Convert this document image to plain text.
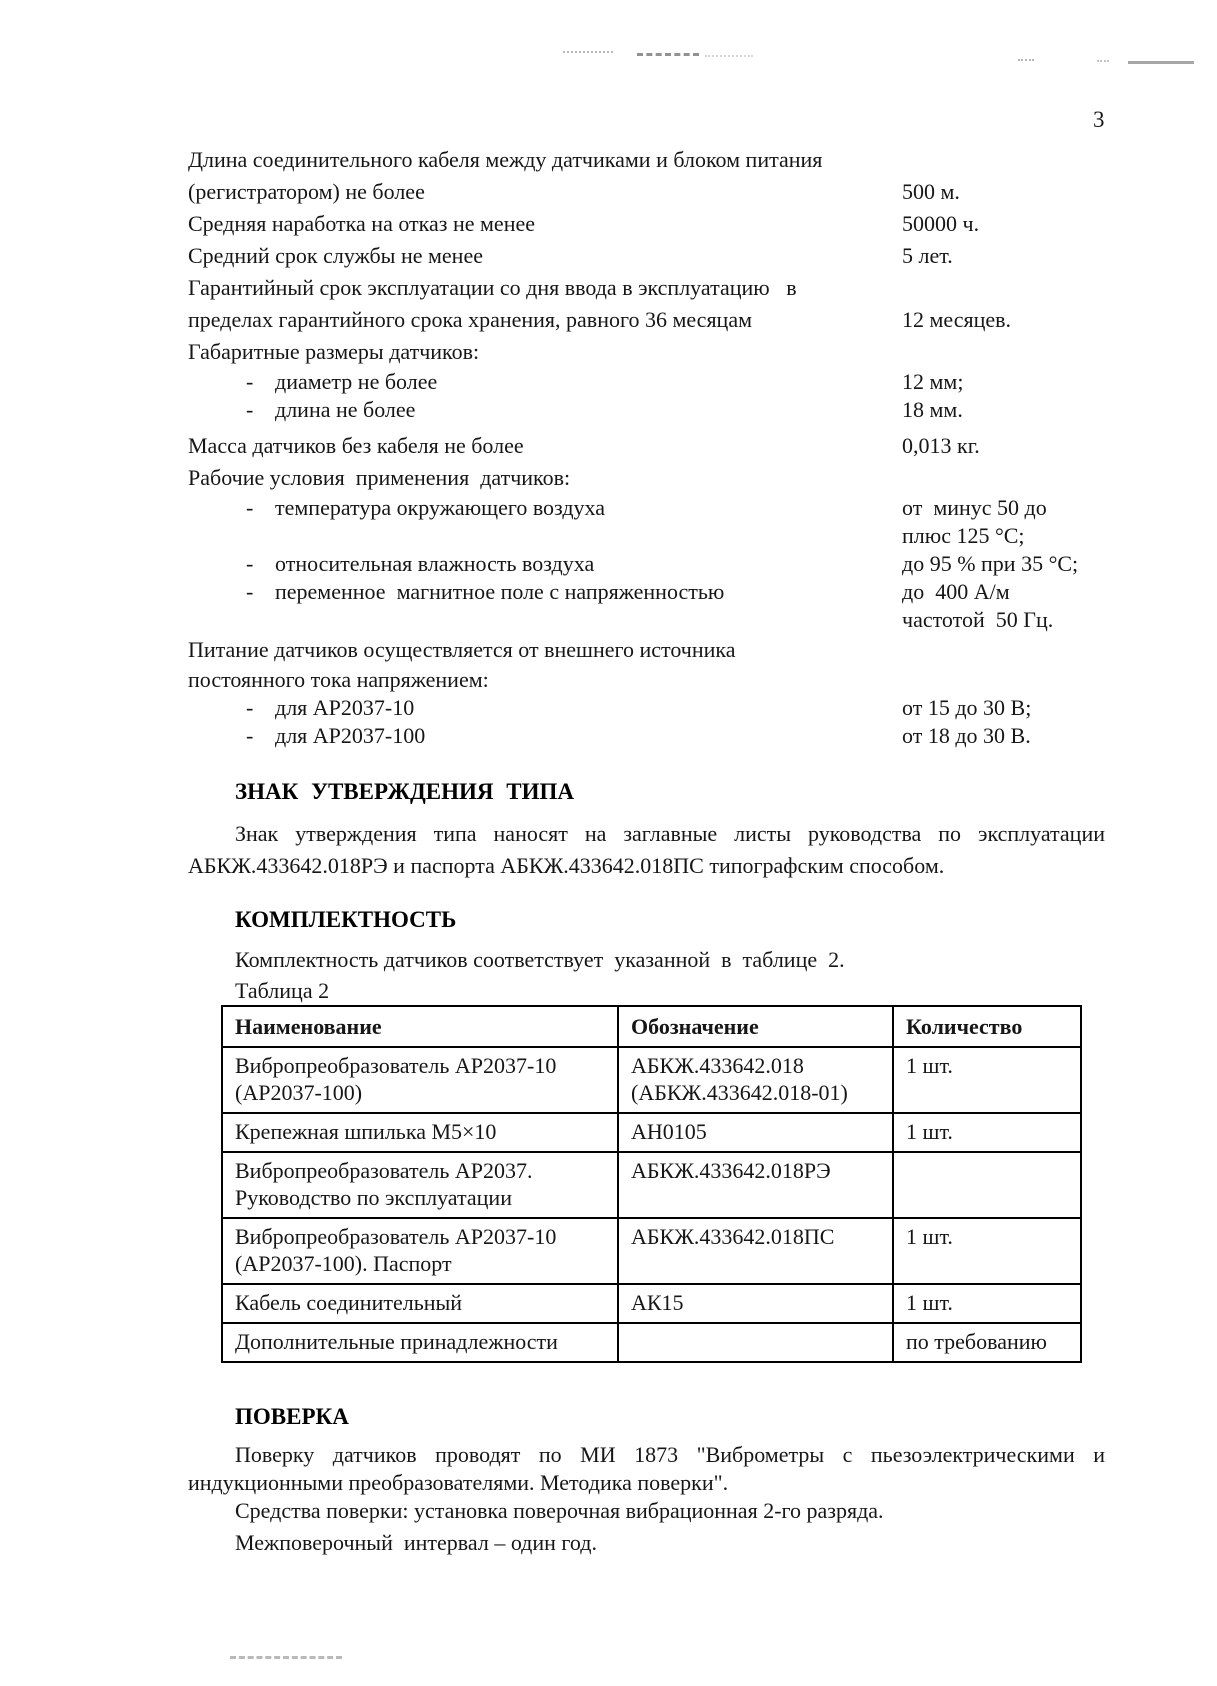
3
Длина соединительного кабеля между датчиками и блоком питания
(регистратором) не более	500 м.
Средняя наработка на отказ не менее	50000 ч.
Средний срок службы не менее	5 лет.
Гарантийный срок эксплуатации со дня ввода в эксплуатацию   в
пределах гарантийного срока хранения, равного 36 месяцам	12 месяцев.
Габаритные размеры датчиков:
- диаметр не более	12 мм;
- длина не более	18 мм.
Масса датчиков без кабеля не более	0,013 кг.
Рабочие условия  применения  датчиков:
- температура окружающего воздуха	от  минус 50 до
плюс 125 °С;
- относительная влажность воздуха	до 95 % при 35 °С;
- переменное  магнитное поле с напряженностью	до  400 А/м
частотой  50 Гц.
Питание датчиков осуществляется от внешнего источника
постоянного тока напряжением:
- для АР2037-10	от 15 до 30 В;
- для АР2037-100	от 18 до 30 В.
ЗНАК УТВЕРЖДЕНИЯ ТИПА
Знак утверждения типа наносят на заглавные листы руководства по эксплуатации АБКЖ.433642.018РЭ и паспорта АБКЖ.433642.018ПС типографским способом.
КОМПЛЕКТНОСТЬ
Комплектность датчиков соответствует  указанной  в  таблице  2.
Таблица 2
Наименование	Обозначение	Количество
Вибропреобразователь АР2037-10 (АР2037-100)	АБКЖ.433642.018 (АБКЖ.433642.018-01)	1 шт.
Крепежная шпилька М5×10	АН0105	1 шт.
Вибропреобразователь АР2037. Руководство по эксплуатации	АБКЖ.433642.018РЭ	
Вибропреобразователь АР2037-10 (АР2037-100). Паспорт	АБКЖ.433642.018ПС	1 шт.
Кабель соединительный	АК15	1 шт.
Дополнительные принадлежности		по требованию
ПОВЕРКА
Поверку датчиков проводят по МИ 1873 "Виброметры с пьезоэлектрическими и индукционными преобразователями. Методика поверки".
Средства поверки: установка поверочная вибрационная 2-го разряда.
Межповерочный  интервал – один год.
